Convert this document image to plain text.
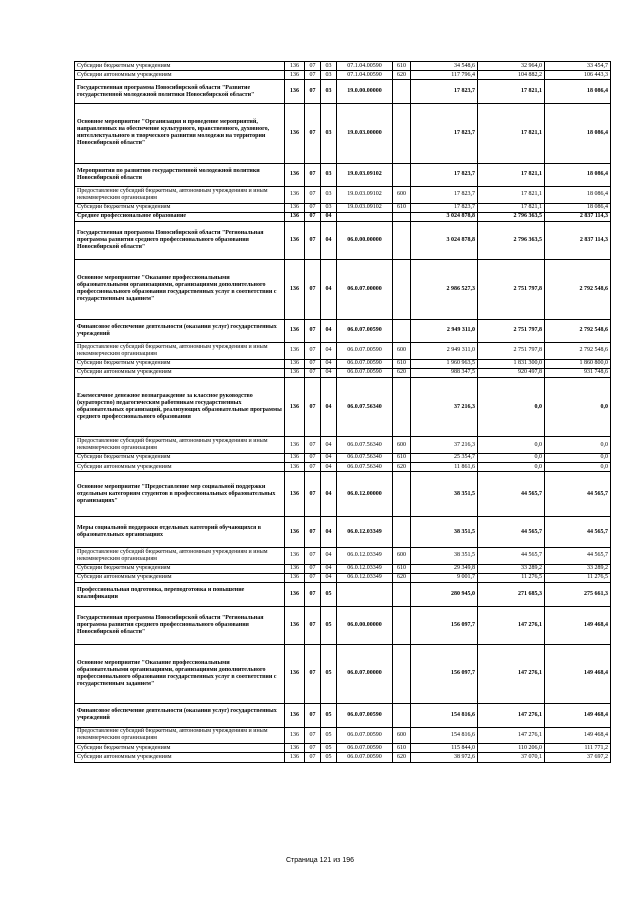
Субсидии бюджетным учреждениям	136	07	03	07.1.04.00590	610	34 548,6	32 964,0	33 454,7
Субсидии автономным учреждениям	136	07	03	07.1.04.00590	620	117 796,4	104 882,2	106 443,3
Государственная программа Новосибирской области "Развитие государственной молодежной политики Новосибирской области"	136	07	03	19.0.00.00000		17 823,7	17 821,1	18 086,4
Основное мероприятие "Организация и проведение мероприятий, направленных на обеспечение культурного, нравственного, духовного, интеллектуального и творческого развития молодежи на территории Новосибирской области"	136	07	03	19.0.03.00000		17 823,7	17 821,1	18 086,4
Мероприятия по развитию государственной молодежной политики Новосибирской области	136	07	03	19.0.03.09102		17 823,7	17 821,1	18 086,4
Предоставление субсидий бюджетным, автономным учреждениям и иным некоммерческим организациям	136	07	03	19.0.03.09102	600	17 823,7	17 821,1	18 086,4
Субсидии бюджетным учреждениям	136	07	03	19.0.03.09102	610	17 823,7	17 821,1	18 086,4
Среднее профессиональное образование	136	07	04			3 024 878,8	2 796 363,5	2 837 114,3
Государственная программа Новосибирской области "Региональная программа развития среднего профессионального образования Новосибирской области"	136	07	04	06.0.00.00000		3 024 878,8	2 796 363,5	2 837 114,3
Основное мероприятие "Оказание профессиональными образовательными организациями, организациями дополнительного профессионального образования государственных услуг в соответствии с государственным заданием"	136	07	04	06.0.07.00000		2 986 527,3	2 751 797,8	2 792 548,6
Финансовое обеспечение деятельности (оказания услуг) государственных учреждений	136	07	04	06.0.07.00590		2 949 311,0	2 751 797,8	2 792 548,6
Предоставление субсидий бюджетным, автономным учреждениям и иным некоммерческим организациям	136	07	04	06.0.07.00590	600	2 949 311,0	2 751 797,8	2 792 548,6
Субсидии бюджетным учреждениям	136	07	04	06.0.07.00590	610	1 960 963,5	1 831 300,0	1 860 800,0
Субсидии автономным учреждениям	136	07	04	06.0.07.00590	620	988 347,5	920 497,8	931 748,6
Ежемесячное денежное вознаграждение за классное руководство (кураторство) педагогическим работникам государственных образовательных организаций, реализующих образовательные программы среднего профессионального образования	136	07	04	06.0.07.56340		37 216,3	0,0	0,0
Предоставление субсидий бюджетным, автономным учреждениям и иным некоммерческим организациям	136	07	04	06.0.07.56340	600	37 216,3	0,0	0,0
Субсидии бюджетным учреждениям	136	07	04	06.0.07.56340	610	25 354,7	0,0	0,0
Субсидии автономным учреждениям	136	07	04	06.0.07.56340	620	11 861,6	0,0	0,0
Основное мероприятие "Предоставление мер социальной поддержки отдельным категориям студентов в профессиональных образовательных организациях"	136	07	04	06.0.12.00000		38 351,5	44 565,7	44 565,7
Меры социальной поддержки отдельных категорий обучающихся в образовательных организациях	136	07	04	06.0.12.03349		38 351,5	44 565,7	44 565,7
Предоставление субсидий бюджетным, автономным учреждениям и иным некоммерческим организациям	136	07	04	06.0.12.03349	600	38 351,5	44 565,7	44 565,7
Субсидии бюджетным учреждениям	136	07	04	06.0.12.03349	610	29 349,8	33 289,2	33 289,2
Субсидии автономным учреждениям	136	07	04	06.0.12.03349	620	9 001,7	11 276,5	11 276,5
Профессиональная подготовка, переподготовка и повышение квалификации	136	07	05			280 945,0	271 685,3	275 661,3
Государственная программа Новосибирской области "Региональная программа развития среднего профессионального образования Новосибирской области"	136	07	05	06.0.00.00000		156 097,7	147 276,1	149 468,4
Основное мероприятие "Оказание профессиональными образовательными организациями, организациями дополнительного профессионального образования государственных услуг в соответствии с государственным заданием"	136	07	05	06.0.07.00000		156 097,7	147 276,1	149 468,4
Финансовое обеспечение деятельности (оказания услуг) государственных учреждений	136	07	05	06.0.07.00590		154 816,6	147 276,1	149 468,4
Предоставление субсидий бюджетным, автономным учреждениям и иным некоммерческим организациям	136	07	05	06.0.07.00590	600	154 816,6	147 276,1	149 468,4
Субсидии бюджетным учреждениям	136	07	05	06.0.07.00590	610	115 844,0	110 206,0	111 771,2
Субсидии автономным учреждениям	136	07	05	06.0.07.00590	620	38 972,6	37 070,1	37 697,2
Страница 121 из 196
